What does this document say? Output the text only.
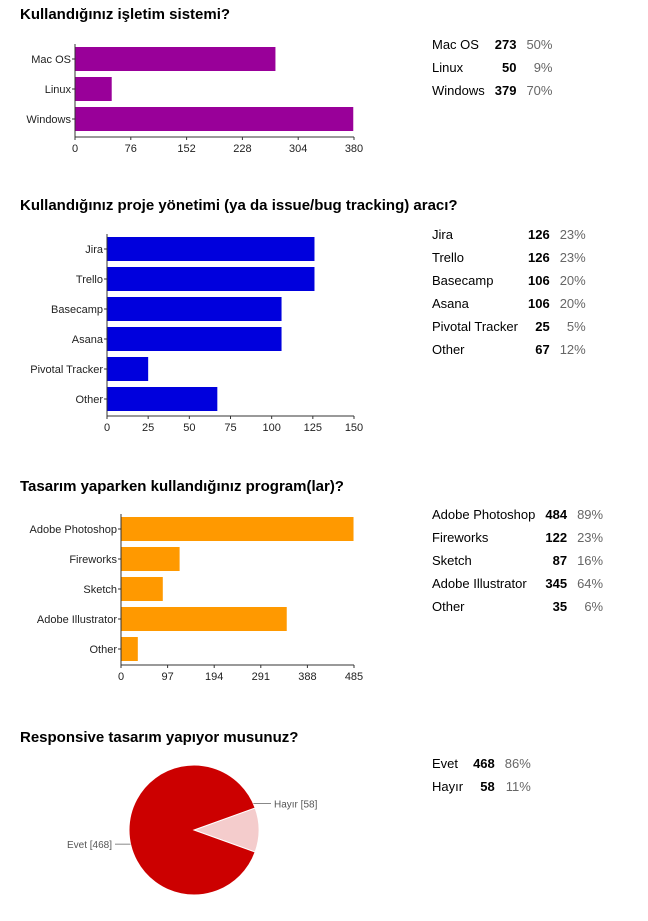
Kullandığınız işletim sistemi?
Mac OS
Linux
Windows
0	76	152	228	304	380
Mac OS	273	50%
Linux	50	9%
Windows	379	70%
Kullandığınız proje yönetimi (ya da issue/bug tracking) aracı?
Jira
Trello
Basecamp
Asana
Pivotal Tracker
Other
0	25	50	75 100 125 150
Jira	126	23%
Trello	126	23%
Basecamp	106	20%
Asana	106	20%
Pivotal Tracker	25	5%
Other	67	12%
Tasarım yaparken kullandığınız program(lar)?
Adobe Photoshop
Fireworks
Sketch
Adobe Illustrator
Other
0	97	194	291	388	485
Adobe Photoshop	484	89%
Fireworks	122	23%
Sketch	87	16%
Adobe Illustrator	345	64%
Other	35	6%
Responsive tasarım yapıyor musunuz?
Hayır [58]
Evet [468]
Evet	468	86%
Hayır	58	11%
